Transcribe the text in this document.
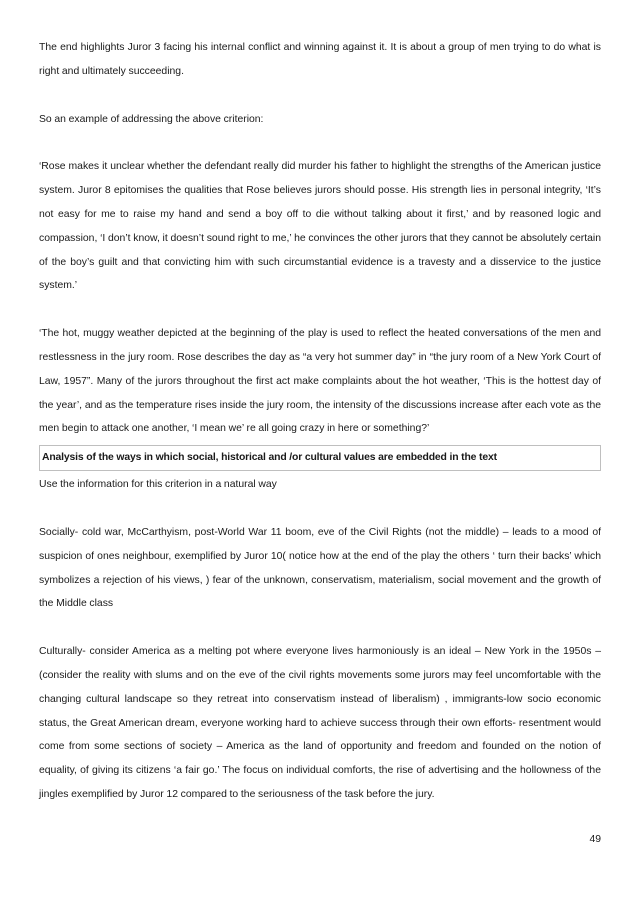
The end highlights Juror 3 facing his internal conflict and winning against it. It is about a group of men trying to do what is right and ultimately succeeding.

So an example of addressing the above criterion:

‘Rose makes it unclear whether the defendant really did murder his father to highlight the strengths of the American justice system. Juror 8 epitomises the qualities that Rose believes jurors should posse. His strength lies in personal integrity, ‘It’s not easy for me to raise my hand and send a boy off to die without talking about it first,’ and by reasoned logic and compassion, ‘I don’t know, it doesn’t sound right to me,’ he convinces the other jurors that they cannot be absolutely certain of the boy’s guilt and that convicting him with such circumstantial evidence is a travesty and a disservice to the justice system.’

‘The hot, muggy weather depicted at the beginning of the play is used to reflect the heated conversations of the men and restlessness in the jury room. Rose describes the day as “a very hot summer day” in “the jury room of a New York Court of Law, 1957”. Many of the jurors throughout the first act make complaints about the hot weather, ‘This is the hottest day of the year’, and as the temperature rises inside the jury room, the intensity of the discussions increase after each vote as the men begin to attack one another, ‘I mean we’ re all going crazy in here or something?’

Analysis of the ways in which social, historical and /or cultural values are embedded in the text

Use the information for this criterion in a natural way

Socially- cold war, McCarthyism, post-World War 11 boom, eve of the Civil Rights (not the middle) – leads to a mood of suspicion of ones neighbour, exemplified by Juror 10( notice how at the end of the play the others ‘ turn their backs’ which symbolizes a rejection of his views, ) fear of the unknown, conservatism, materialism, social movement and the growth of the Middle class

Culturally- consider America as a melting pot where everyone lives harmoniously is an ideal – New York in the 1950s – (consider the reality with slums and on the eve of the civil rights movements some jurors may feel uncomfortable with the changing cultural landscape so they retreat into conservatism instead of liberalism) , immigrants-low socio economic status, the Great American dream, everyone working hard to achieve success through their own efforts- resentment would come from some sections of society – America as the land of opportunity and freedom and founded on the notion of equality, of giving its citizens ‘a fair go.’ The focus on individual comforts, the rise of advertising and the hollowness of the jingles exemplified by Juror 12 compared to the seriousness of the task before the jury.

49
